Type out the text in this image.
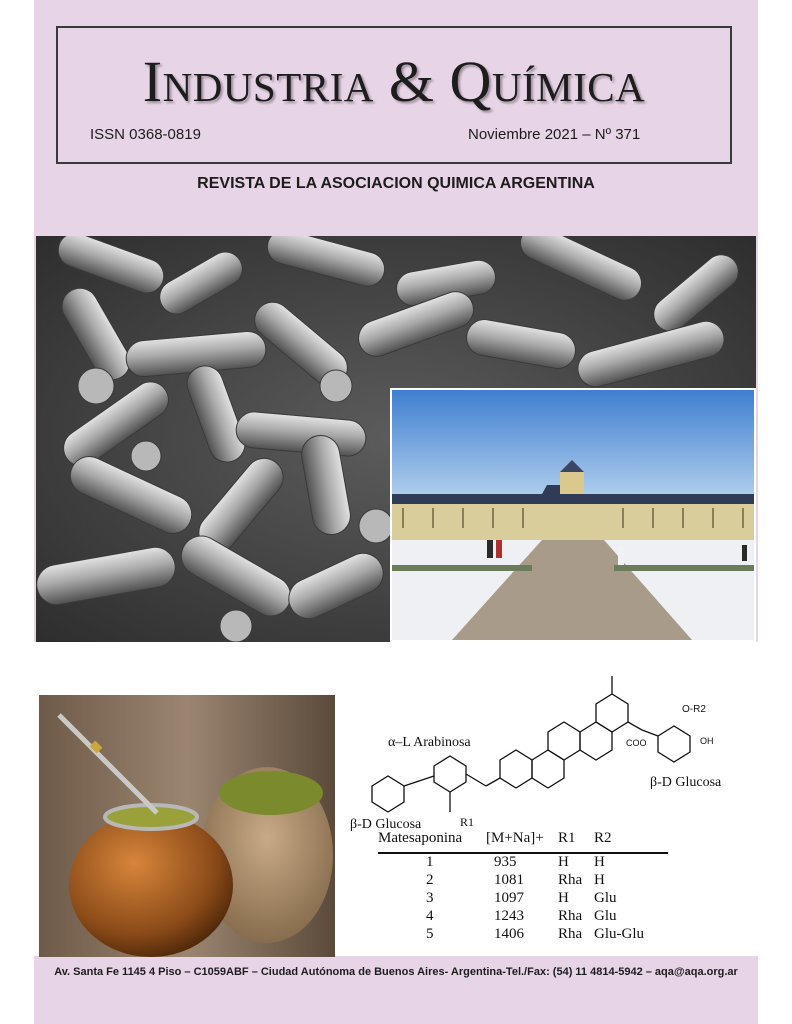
Industria & Química
ISSN 0368-0819	Noviembre 2021 – Nº 371
REVISTA DE LA ASOCIACION QUIMICA ARGENTINA
α–L Arabinosa
β-D Glucosa
β-D Glucosa
R1
O-R2
COO	OH
Matesaponina [M+Na]+ R1 R2
1	935	H H
2	1081 Rha H
3	1097 H Glu
4	1243 Rha Glu
5	1406 Rha Glu-Glu
Av. Santa Fe 1145 4 Piso – C1059ABF – Ciudad Autónoma de Buenos Aires- Argentina-Tel./Fax: (54) 11 4814-5942 – aqa@aqa.org.ar
